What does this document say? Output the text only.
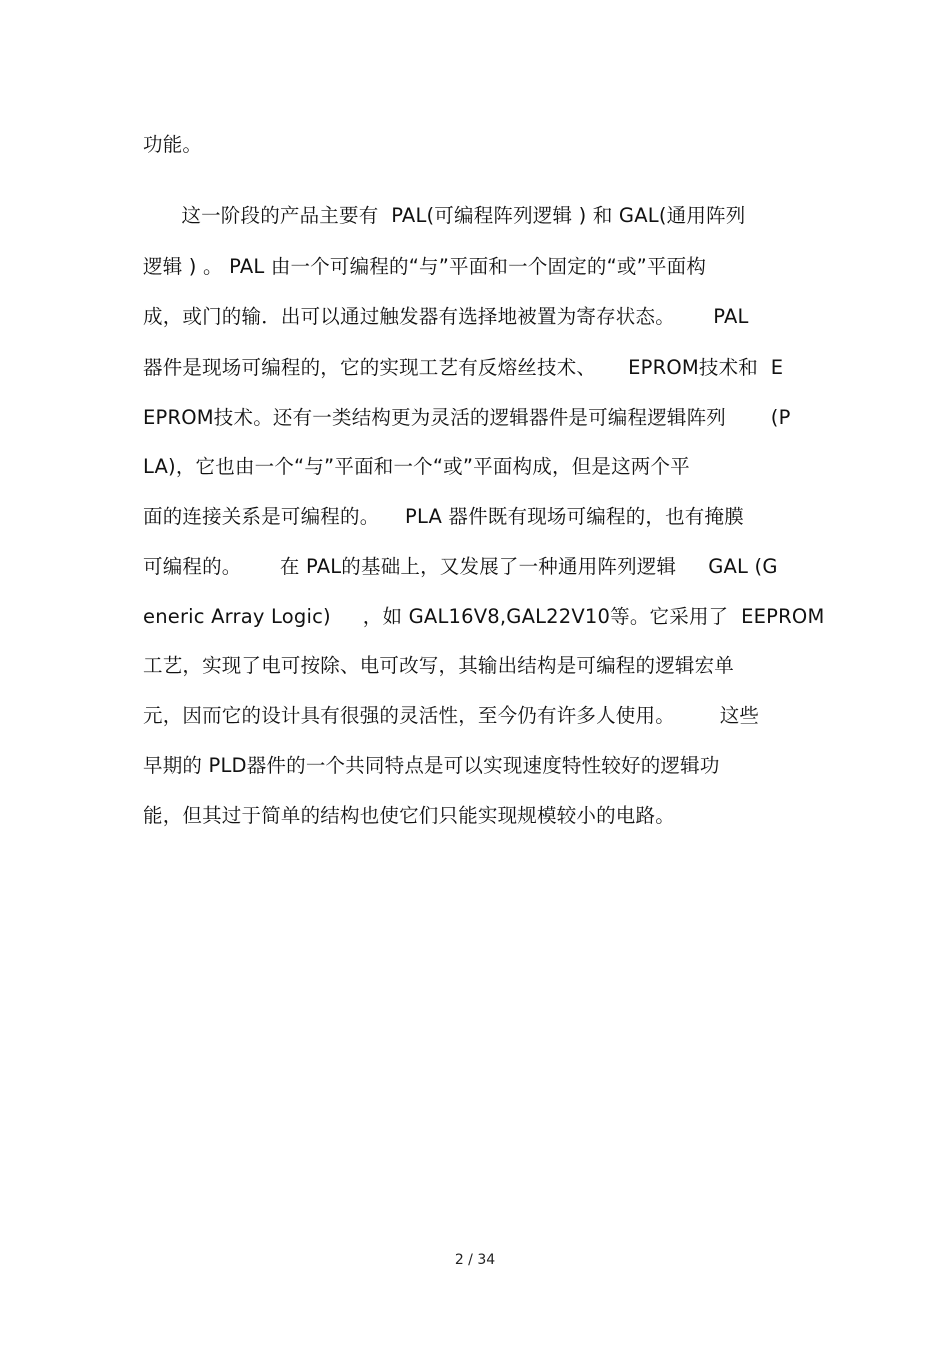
功能。
这一阶段的产品主要有  PAL(可编程阵列逻辑 ) 和 GAL(通用阵列
逻辑 ) 。 PAL 由一个可编程的“与”平面和一个固定的“或”平面构
成，或门的输．出可以通过触发器有选择地被置为寄存状态。      PAL
器件是现场可编程的，它的实现工艺有反熔丝技术、     EPROM技术和  E
EPROM技术。还有一类结构更为灵活的逻辑器件是可编程逻辑阵列       (P
LA)，它也由一个“与”平面和一个“或”平面构成，但是这两个平
面的连接关系是可编程的。    PLA 器件既有现场可编程的，也有掩膜
可编程的。      在 PAL的基础上，又发展了一种通用阵列逻辑     GAL (G
eneric Array Logic)     ，如 GAL16V8,GAL22V10等。它采用了  EEPROM
工艺，实现了电可按除、电可改写，其输出结构是可编程的逻辑宏单
元，因而它的设计具有很强的灵活性，至今仍有许多人使用。       这些
早期的 PLD器件的一个共同特点是可以实现速度特性较好的逻辑功
能，但其过于简单的结构也使它们只能实现规模较小的电路。
2 / 34
